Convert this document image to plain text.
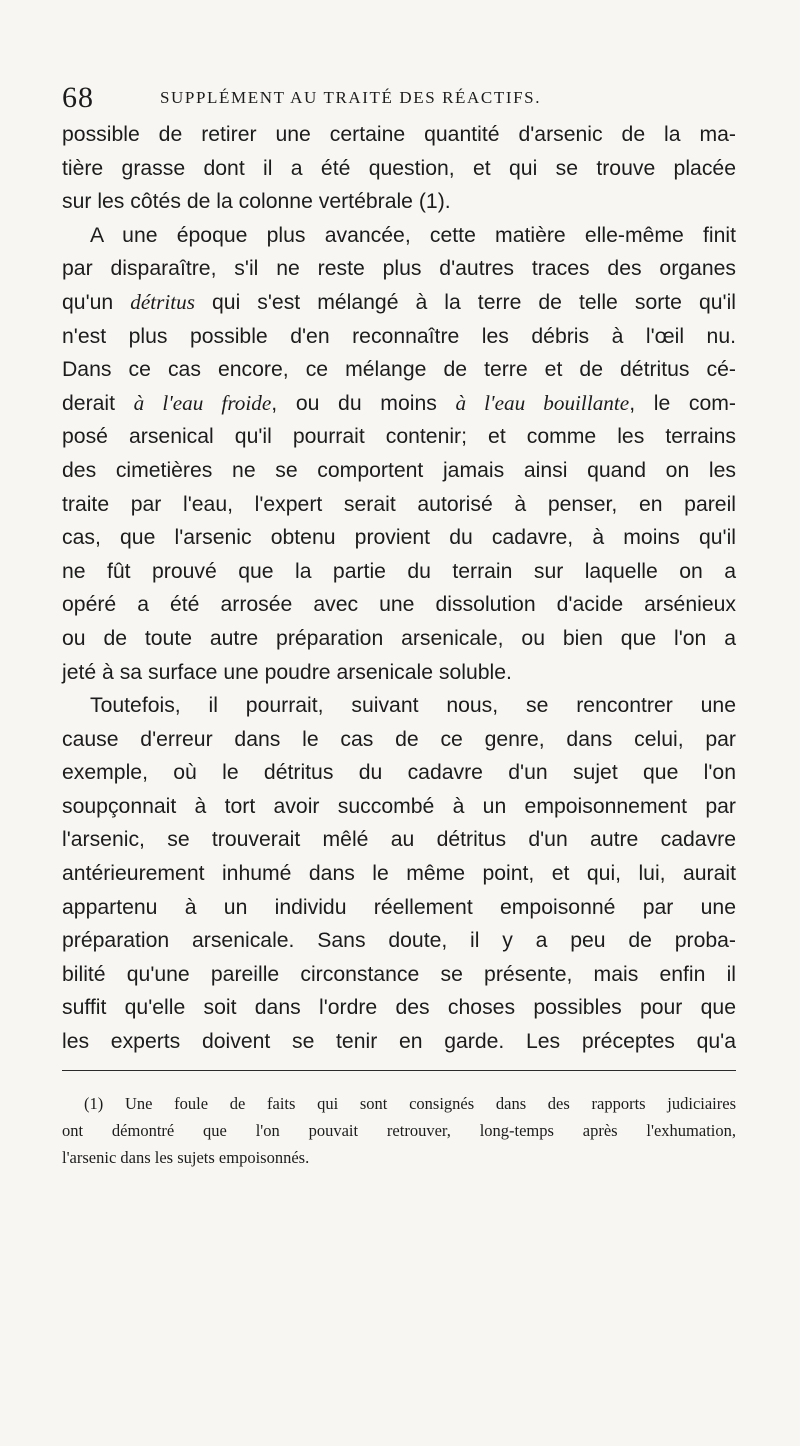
68	SUPPLÉMENT AU TRAITÉ DES RÉACTIFS.
possible de retirer une certaine quantité d'arsenic de la ma-
tière grasse dont il a été question, et qui se trouve placée
sur les côtés de la colonne vertébrale (1).
A une époque plus avancée, cette matière elle-même finit
par disparaître, s'il ne reste plus d'autres traces des organes
qu'un détritus qui s'est mélangé à la terre de telle sorte qu'il
n'est plus possible d'en reconnaître les débris à l'œil nu.
Dans ce cas encore, ce mélange de terre et de détritus cé-
derait à l'eau froide, ou du moins à l'eau bouillante, le com-
posé arsenical qu'il pourrait contenir; et comme les terrains
des cimetières ne se comportent jamais ainsi quand on les
traite par l'eau, l'expert serait autorisé à penser, en pareil
cas, que l'arsenic obtenu provient du cadavre, à moins qu'il
ne fût prouvé que la partie du terrain sur laquelle on a
opéré a été arrosée avec une dissolution d'acide arsénieux
ou de toute autre préparation arsenicale, ou bien que l'on a
jeté à sa surface une poudre arsenicale soluble.
Toutefois, il pourrait, suivant nous, se rencontrer une
cause d'erreur dans le cas de ce genre, dans celui, par
exemple, où le détritus du cadavre d'un sujet que l'on
soupçonnait à tort avoir succombé à un empoisonnement par
l'arsenic, se trouverait mêlé au détritus d'un autre cadavre
antérieurement inhumé dans le même point, et qui, lui, aurait
appartenu à un individu réellement empoisonné par une
préparation arsenicale. Sans doute, il y a peu de proba-
bilité qu'une pareille circonstance se présente, mais enfin il
suffit qu'elle soit dans l'ordre des choses possibles pour que
les experts doivent se tenir en garde. Les préceptes qu'a
(1) Une foule de faits qui sont consignés dans des rapports judiciaires
ont démontré que l'on pouvait retrouver, long-temps après l'exhumation,
l'arsenic dans les sujets empoisonnés.
